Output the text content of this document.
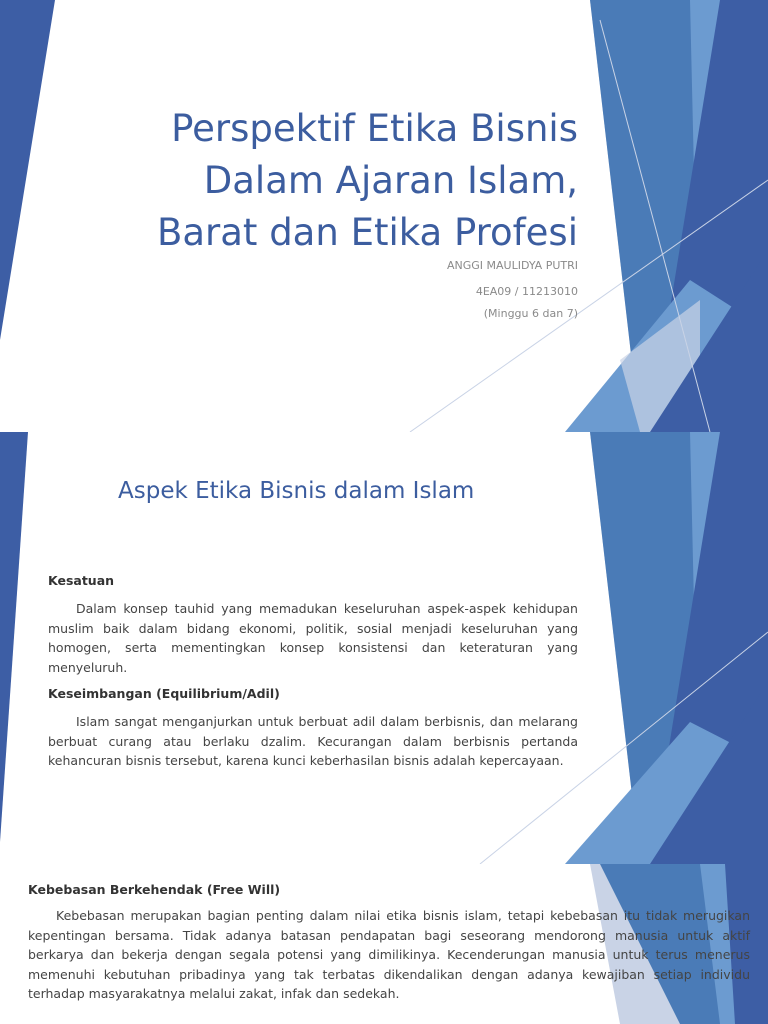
Perspektif Etika Bisnis
Dalam Ajaran Islam,
Barat dan Etika Profesi

ANGGI MAULIDYA PUTRI

4EA09 / 11213010

(Minggu 6 dan 7)

Aspek Etika Bisnis dalam Islam
Kesatuan

Dalam konsep tauhid yang memadukan keseluruhan aspek-aspek kehidupan muslim baik dalam bidang ekonomi, politik, sosial menjadi keseluruhan yang homogen, serta mementingkan konsep konsistensi dan keteraturan yang menyeluruh.

Keseimbangan (Equilibrium/Adil)

Islam sangat menganjurkan untuk berbuat adil dalam berbisnis, dan melarang berbuat curang atau berlaku dzalim. Kecurangan dalam berbisnis pertanda kehancuran bisnis tersebut, karena kunci keberhasilan bisnis adalah kepercayaan.

Kebebasan Berkehendak (Free Will)

Kebebasan merupakan bagian penting dalam nilai etika bisnis islam, tetapi kebebasan itu tidak merugikan kepentingan bersama. Tidak adanya batasan pendapatan bagi seseorang mendorong manusia untuk aktif berkarya dan bekerja dengan segala potensi yang dimilikinya. Kecenderungan manusia untuk terus menerus memenuhi kebutuhan pribadinya yang tak terbatas dikendalikan dengan adanya kewajiban setiap individu terhadap masyarakatnya melalui zakat, infak dan sedekah.
